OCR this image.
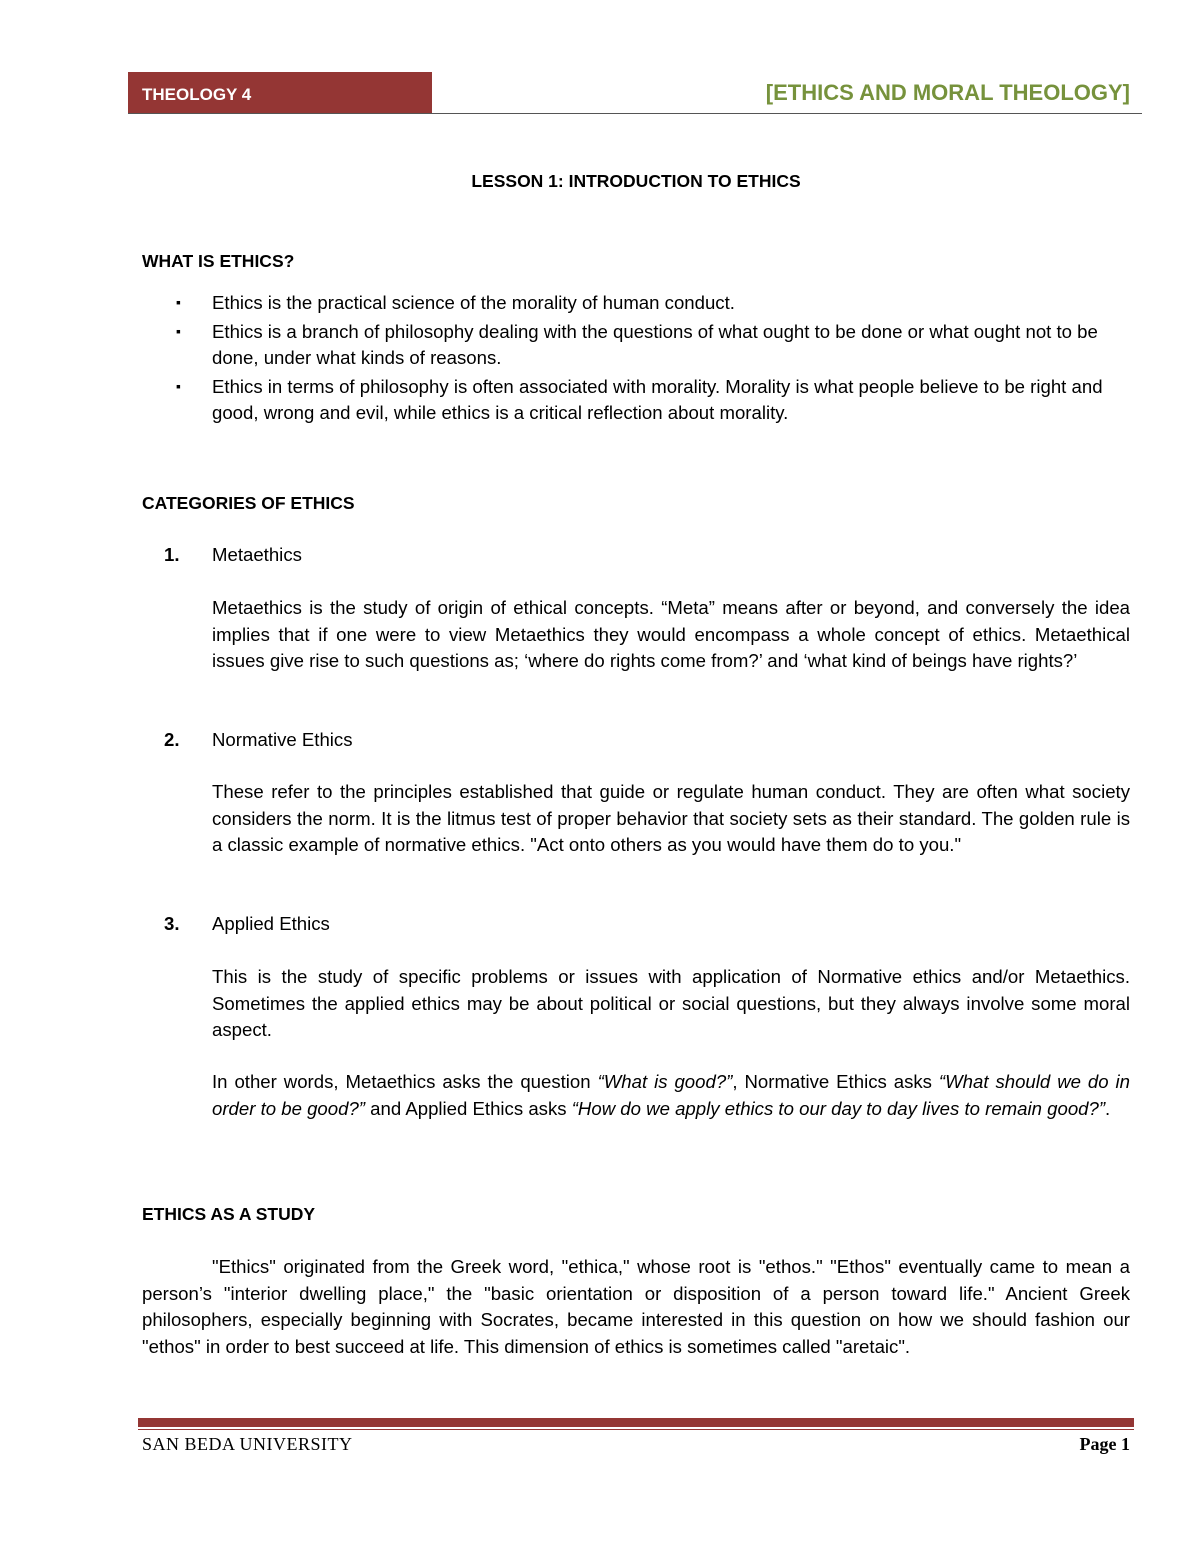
THEOLOGY 4	[ETHICS AND MORAL THEOLOGY]
LESSON 1: INTRODUCTION TO ETHICS
WHAT IS ETHICS?
▪ Ethics is the practical science of the morality of human conduct.
▪ Ethics is a branch of philosophy dealing with the questions of what ought to be done or what ought not to be done, under what kinds of reasons.
▪ Ethics in terms of philosophy is often associated with morality. Morality is what people believe to be right and good, wrong and evil, while ethics is a critical reflection about morality.
CATEGORIES OF ETHICS
1. Metaethics
Metaethics is the study of origin of ethical concepts. “Meta” means after or beyond, and conversely the idea implies that if one were to view Metaethics they would encompass a whole concept of ethics. Metaethical issues give rise to such questions as; ‘where do rights come from?’ and ‘what kind of beings have rights?’
2. Normative Ethics
These refer to the principles established that guide or regulate human conduct. They are often what society considers the norm. It is the litmus test of proper behavior that society sets as their standard. The golden rule is a classic example of normative ethics. "Act onto others as you would have them do to you."
3. Applied Ethics
This is the study of specific problems or issues with application of Normative ethics and/or Metaethics. Sometimes the applied ethics may be about political or social questions, but they always involve some moral aspect.
In other words, Metaethics asks the question “What is good?”, Normative Ethics asks “What should we do in order to be good?” and Applied Ethics asks “How do we apply ethics to our day to day lives to remain good?”.
ETHICS AS A STUDY
"Ethics" originated from the Greek word, "ethica," whose root is "ethos." "Ethos" eventually came to mean a person’s "interior dwelling place," the "basic orientation or disposition of a person toward life." Ancient Greek philosophers, especially beginning with Socrates, became interested in this question on how we should fashion our "ethos" in order to best succeed at life. This dimension of ethics is sometimes called "aretaic".
SAN BEDA UNIVERSITY	Page 1
